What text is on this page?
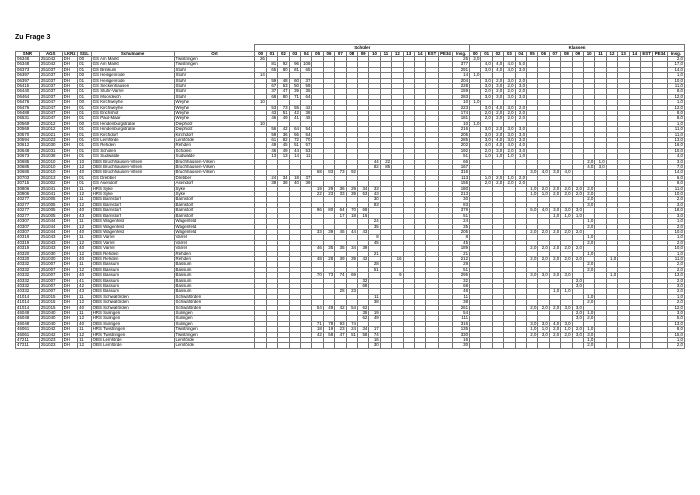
Zu Frage 3
						Schüler																		Klassen																	
SNR	AGS	LKRz	SGL	Schulname	Ort	00	01	02	03	04	05	06	07	08	09	10	11	12	13	14	EST	PE34	Insg.	00	01	02	03	04	05	06	07	08	09	10	11	12	13	14	EST	PE34	Insg.
06348	251042	DH	00	GS Am Markt	Twistringen	26																	26	2,0																	2,0
06348	251042	DH	01	GS Am Markt	Twistringen		81	92	96	108													377		4,0	4,0	4,0	5,0													17,0
06373	251037	DH	01	GS Brinkum	Stuhr		65	80	81	65													291		3,0	4,0	4,0	3,0													14,0
06397	251037	DH	00	GS Heiligenrode	Stuhr	14																	14	1,0																	1,0
06397	251037	DH	01	GS Heiligenrode	Stuhr		59	48	60	37													204		3,0	2,0	3,0	2,0													10,0
06415	251037	DH	01	GS Seckenhausen	Stuhr		67	53	50	58													228		3,0	3,0	2,0	3,0													11,0
06440	251037	DH	01	GS Stuhr-Varrel	Stuhr		37	47	39	36													159		2,0	2,0	2,0	2,0													8,0
06464	251037	DH	01	GS Moordeich	Stuhr		68	80	71	64													283		3,0	3,0	3,0	3,0													12,0
06476	251047	DH	00	GS Kirchweyhe	Weyhe	10																	10	1,0																	1,0
06476	251047	DH	01	GS Kirchweyhe	Weyhe		53	73	55	42													223		3,0	4,0	3,0	2,0													12,0
06488	251047	DH	01	GS Erichshof	Weyhe		43	51	42	38													174		2,0	2,0	2,0	2,0													8,0
06531	251047	DH	01	GS Paul-Maar	Weyhe		46	49	41	45													181		2,0	2,0	2,0	2,0													8,0
30569	251012	DH	00	GS Hindenburgstraße	Diepholz	10																	10	1,0																	1,0
30569	251012	DH	01	GS Hindenburgstraße	Diepholz		56	42	64	54													216		3,0	2,0	3,0	3,0													11,0
30570	251021	DH	01	GS Kirchdorf	Kirchdorf		59	36	56	54													205		3,0	2,0	3,0	3,0													11,0
30594	251023	DH	01	GS Lemförde	Lemförde		61	82	72	70													285		3,0	4,0	3,0	3,0													13,0
30612	251030	DH	01	GS Rehden	Rehden		49	45	51	57													202		4,0	4,0	4,0	4,0													16,0
30648	251031	DH	01	GS Scholen	Scholen		46	49	44	53													192		2,0	3,0	2,0	3,0													10,0
30673	251038	DH	01	GS Sudwalde	Sudwalde		13	13	14	11													51		1,0	1,0	1,0	1,0													4,0
30685	251010	DH	10	OBS Bruchhausen-Vilsen	Bruchhausen-Vilsen											44	22						66											2,0	1,0						3,0
30685	251010	DH	12	OBS Bruchhausen-Vilsen	Bruchhausen-Vilsen											82	85						167											4,0	3,0						7,0
30685	251010	DH	40	OBS Bruchhausen-Vilsen	Bruchhausen-Vilsen						68	83	73	92									316						3,0	4,0	3,0	4,0									14,0
30703	251013	DH	01	GS Drebber	Drebber		24	34	18	37													113		1,0	2,0	1,0	2,0													6,0
30715	251002	DH	01	GS Asendorf	Asendorf		38	38	40	39													155		2,0	2,0	2,0	2,0													8,0
30806	251041	DH	11	HRS Syke	Syke						19	29	36	29	34	33							180						1,0	2,0	2,0	2,0	2,0	2,0							11,0
30806	251041	DH	12	HRS Syke	Syke						22	23	33	39	53	43							213						1,0	1,0	2,0	2,0	2,0	2,0							10,0
40277	251005	DH	11	OBS Barnstorf	Barnstorf											30							30											2,0							2,0
40277	251005	DH	12	OBS Barnstorf	Barnstorf											83							83											3,0							3,0
40277	251005	DH	40	OBS Barnstorf	Barnstorf						96	80	64	70	69								379						5,0	4,0	3,0	3,0	3,0								18,0
40277	251005	DH	43	OBS Barnstorf	Barnstorf								17	18	16								51								1,0	1,0	1,0								3,0
40307	251044	DH	11	OBS Wagenfeld	Wagenfeld											24							24											1,0							1,0
40307	251044	DH	12	OBS Wagenfeld	Wagenfeld											35							35											2,0							2,0
40307	251044	DH	40	OBS Wagenfeld	Wagenfeld						33	39	45	44	43								205						2,0	2,0	2,0	2,0	2,0								10,0
40319	251043	DH	11	OBS Varrel	Varrel											8							8											1,0							1,0
40319	251043	DH	12	OBS Varrel	Varrel											45							45											2,0							2,0
40319	251043	DH	40	OBS Varrel	Varrel						46	35	35	34	39								189						2,0	2,0	2,0	2,0	2,0								10,0
40320	251030	DH	12	OBS Rehden	Rehden											21							21											1,0							1,0
40320	251030	DH	40	OBS Rehden	Rehden						48	28	39	39	42			16					212						2,0	2,0	2,0	2,0	2,0			1,0					11,0
40332	251007	DH	11	OBS Bassum	Bassum											28							28											2,0							2,0
40332	251007	DH	12	OBS Bassum	Bassum											51							51											2,0							2,0
40332	251007	DH	40	OBS Bassum	Bassum						70	73	74	69				9					295						3,0	3,0	3,0	3,0				1,0					13,0
40332	251007	DH	41	OBS Bassum	Bassum										32								32										2,0								2,0
40332	251007	DH	42	OBS Bassum	Bassum										68								68										3,0								3,0
40332	251007	DH	43	OBS Bassum	Bassum								25	23									48								1,0	1,0									2,0
41014	251015	DH	11	OBS Schwaförden	Schwaförden											11							11											1,0							1,0
41014	251015	DH	12	OBS Schwaförden	Schwaförden											38							38											2,0							2,0
41014	251015	DH	40	OBS Schwaförden	Schwaförden						54	49	42	54	62								261						2,0	2,0	2,0	3,0	3,0								12,0
46048	251040	DH	11	HRS Sulingen	Sulingen										35	19							54										2,0	1,0							3,0
46048	251040	DH	12	HRS Sulingen	Sulingen										62	49							111										3,0	2,0							5,0
46048	251040	DH	40	OBS Sulingen	Sulingen						71	78	93	74									316						3,0	3,0	4,0	3,0									13,0
46061	251042	DH	11	HRS Twistringen	Twistringen						18	19	23	24	34	17							135						1,0	1,0	2,0	1,0	2,0	1,0							8,0
46061	251042	DH	12	HRS Twistringen	Twistringen						42	58	47	51	58	74							330						2,0	3,0	2,0	2,0	3,0	3,0							15,0
47211	251023	DH	11	OBS Lemförde	Lemförde											16							16											1,0							1,0
47211	251023	DH	12	OBS Lemförde	Lemförde											30							30											2,0							2,0
